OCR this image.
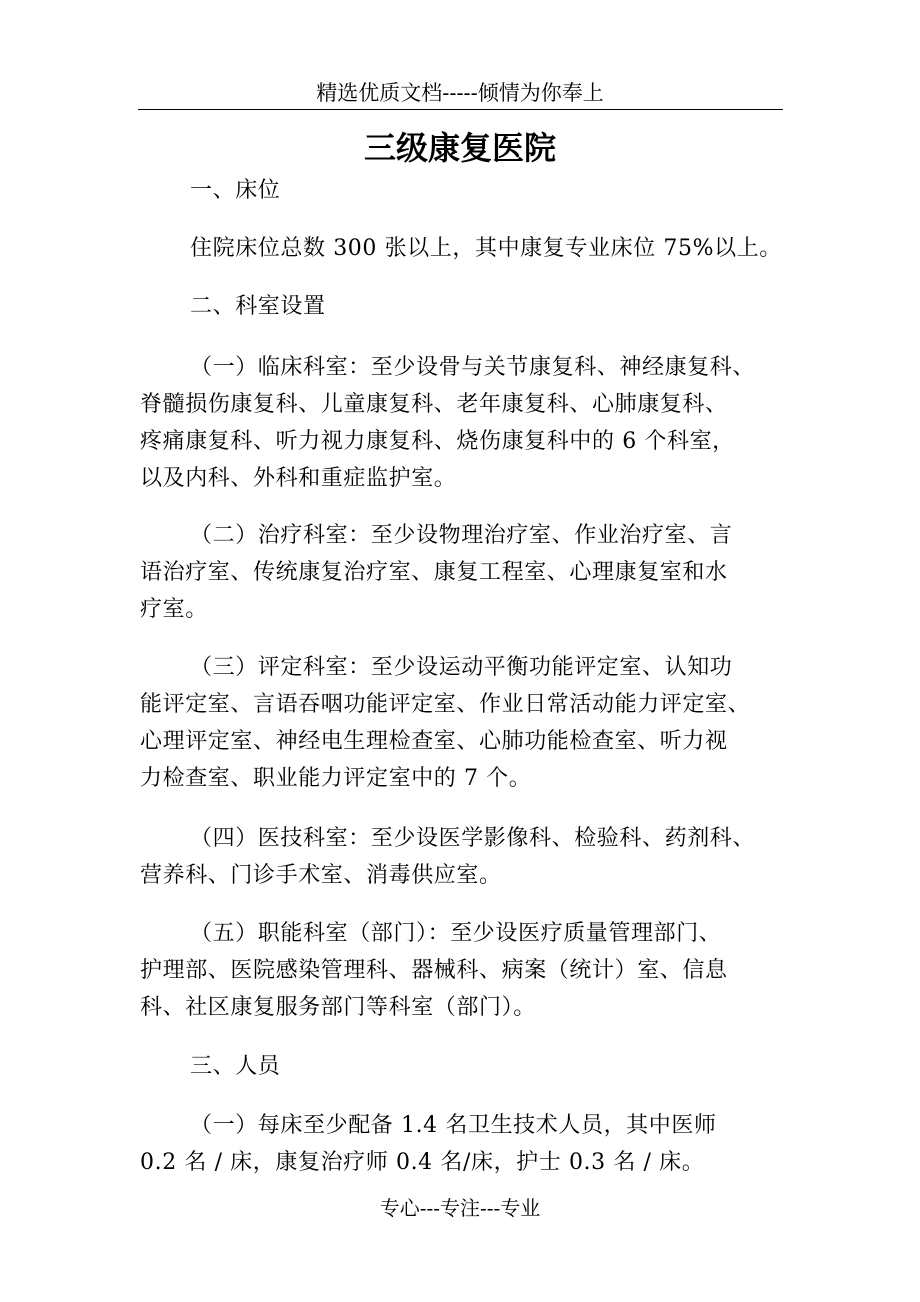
精选优质文档-----倾情为你奉上
三级康复医院
一、床位
住院床位总数 300 张以上，其中康复专业床位 75%以上。
二、科室设置
（一）临床科室：至少设骨与关节康复科、神经康复科、
脊髓损伤康复科、儿童康复科、老年康复科、心肺康复科、
疼痛康复科、听力视力康复科、烧伤康复科中的 6 个科室，
以及内科、外科和重症监护室。
（二）治疗科室：至少设物理治疗室、作业治疗室、言
语治疗室、传统康复治疗室、康复工程室、心理康复室和水
疗室。
（三）评定科室：至少设运动平衡功能评定室、认知功
能评定室、言语吞咽功能评定室、作业日常活动能力评定室、
心理评定室、神经电生理检查室、心肺功能检查室、听力视
力检查室、职业能力评定室中的 7 个。
（四）医技科室：至少设医学影像科、检验科、药剂科、
营养科、门诊手术室、消毒供应室。
（五）职能科室（部门）：至少设医疗质量管理部门、
护理部、医院感染管理科、器械科、病案（统计）室、信息
科、社区康复服务部门等科室（部门）。
三、人员
（一）每床至少配备 1.4 名卫生技术人员，其中医师
0.2 名 / 床，康复治疗师 0.4 名/床，护士 0.3 名 / 床。
专心---专注---专业
